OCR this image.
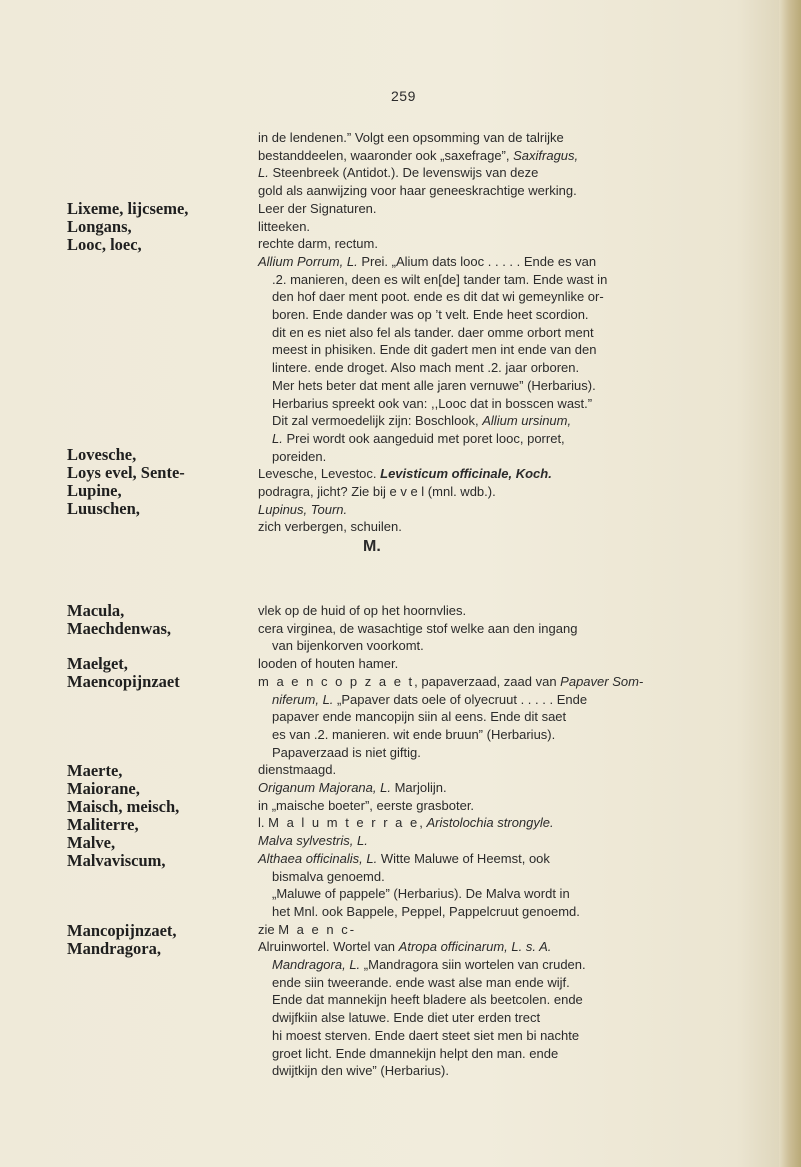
259
Lixeme, lijcseme,
Longans,
Looc, loec,
Lovesche,
Loys evel, Sente-
Lupine,
Luuschen,

in de lendenen.” Volgt een opsomming van de talrijke

bestanddeelen, waaronder ook „saxefrage”, Saxifragus,

L. Steenbreek (Antidot.). De levenswijs van deze

gold als aanwijzing voor haar geneeskrachtige werking.

Leer der Signaturen.

litteeken.

rechte darm, rectum.

Allium Porrum, L. Prei. „Alium dats looc . . . . . Ende es van

.2. manieren, deen es wilt en[de] tander tam. Ende wast in

den hof daer ment poot. ende es dit dat wi gemeynlike or-

boren. Ende dander was op ’t velt. Ende heet scordion.

dit en es niet also fel als tander. daer omme orbort ment

meest in phisiken. Ende dit gadert men int ende van den

lintere. ende droget. Also mach ment .2. jaar orboren.

Mer hets beter dat ment alle jaren vernuwe” (Herbarius).

Herbarius spreekt ook van: ,,Looc dat in bosscen wast.”

Dit zal vermoedelijk zijn: Boschlook, Allium ursinum,

L. Prei wordt ook aangeduid met poret looc, porret,

poreiden.

Levesche, Levestoc. Levisticum officinale, Koch.

podragra, jicht? Zie bij e v e l (mnl. wdb.).

Lupinus, Tourn.

zich verbergen, schuilen.

M.
Macula,
Maechdenwas,
Maelget,
Maencopijnzaet
Maerte,
Maiorane,
Maisch, meisch,
Maliterre,
Malve,
Malvaviscum,
Mancopijnzaet,
Mandragora,

vlek op de huid of op het hoornvlies.

cera virginea, de wasachtige stof welke aan den ingang

van bijenkorven voorkomt.

looden of houten hamer.

m a e n c o p z a e t, papaverzaad, zaad van Papaver Som-

niferum, L. „Papaver dats oele of olyecruut . . . . . Ende

papaver ende mancopijn siin al eens. Ende dit saet

es van .2. manieren. wit ende bruun” (Herbarius).

Papaverzaad is niet giftig.

dienstmaagd.

Origanum Majorana, L. Marjolijn.

in „maische boeter”, eerste grasboter.

l. M a l u m t e r r a e, Aristolochia strongyle.

Malva sylvestris, L.

Althaea officinalis, L. Witte Maluwe of Heemst, ook

bismalva genoemd.

„Maluwe of pappele” (Herbarius). De Malva wordt in

het Mnl. ook Bappele, Peppel, Pappelcruut genoemd.

zie M a e n c-

Alruinwortel. Wortel van Atropa officinarum, L. s. A.

Mandragora, L. „Mandragora siin wortelen van cruden.

ende siin tweerande. ende wast alse man ende wijf.

Ende dat mannekijn heeft bladere als beetcolen. ende

dwijfkiin alse latuwe. Ende diet uter erden trect

hi moest sterven. Ende daert steet siet men bi nachte

groet licht. Ende dmannekijn helpt den man. ende

dwijtkijn den wive” (Herbarius).
